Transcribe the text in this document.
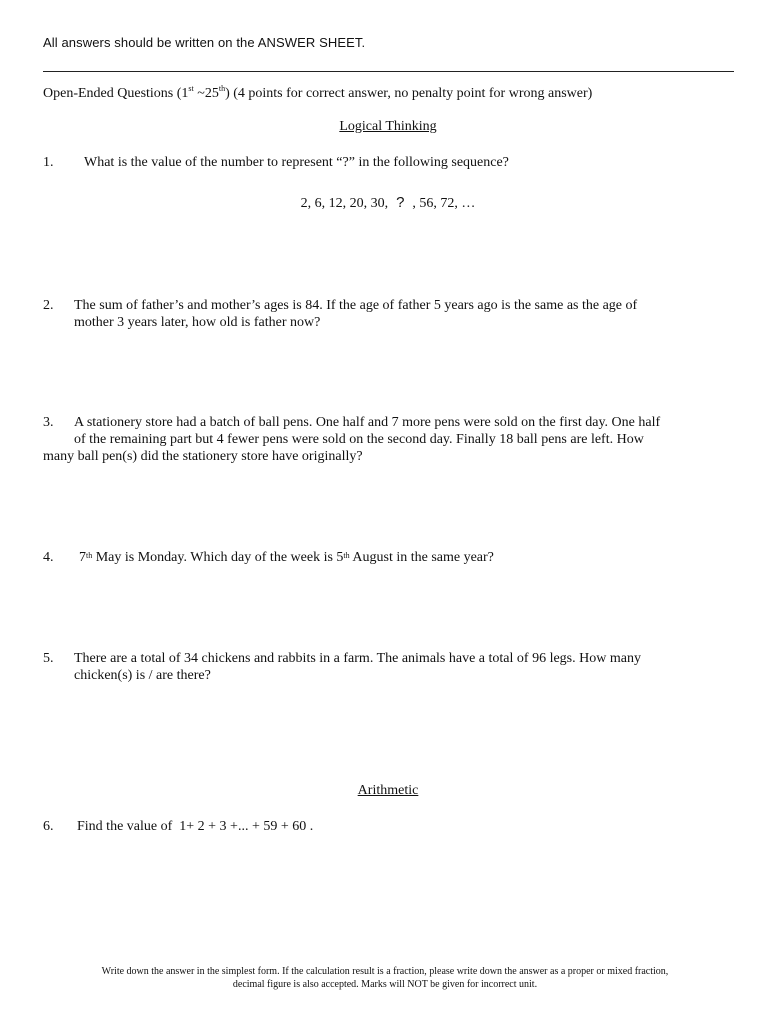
All answers should be written on the ANSWER SHEET.
Open-Ended Questions (1st ~25th) (4 points for correct answer, no penalty point for wrong answer)
Logical Thinking
1. What is the value of the number to represent “?” in the following sequence?
2, 6, 12, 20, 30, ? , 56, 72, …
2. The sum of father’s and mother’s ages is 84. If the age of father 5 years ago is the same as the age of
mother 3 years later, how old is father now?
3. A stationery store had a batch of ball pens. One half and 7 more pens were sold on the first day. One half
of the remaining part but 4 fewer pens were sold on the second day. Finally 18 ball pens are left. How
many ball pen(s) did the stationery store have originally?
4. 7th May is Monday. Which day of the week is 5th August in the same year?
5. There are a total of 34 chickens and rabbits in a farm. The animals have a total of 96 legs. How many
chicken(s) is / are there?
Arithmetic
6. Find the value of  1+ 2 + 3 +... + 59 + 60 .
Write down the answer in the simplest form. If the calculation result is a fraction, please write down the answer as a proper or mixed fraction,
decimal figure is also accepted. Marks will NOT be given for incorrect unit.
